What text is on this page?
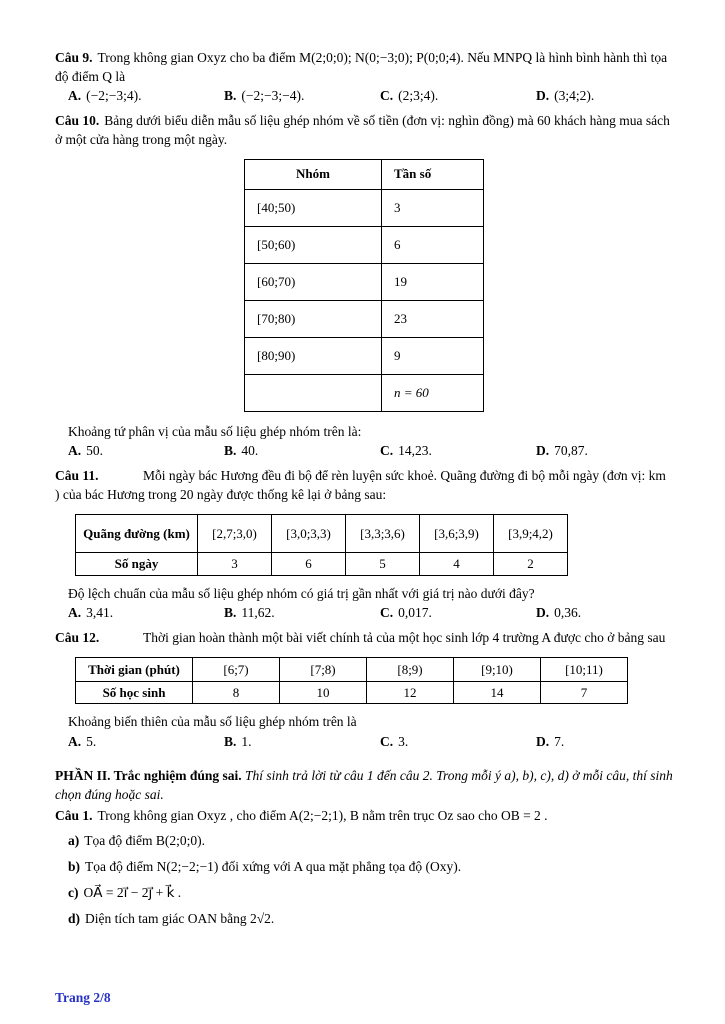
Câu 9. Trong không gian Oxyz cho ba điểm M(2;0;0); N(0;−3;0); P(0;0;4). Nếu MNPQ là hình bình hành thì tọa độ điểm Q là

A. (−2;−3;4).	B. (−2;−3;−4).	C. (2;3;4).	D. (3;4;2).

Câu 10. Bảng dưới biểu diễn mẫu số liệu ghép nhóm về số tiền (đơn vị: nghìn đồng) mà 60 khách hàng mua sách ở một cửa hàng trong một ngày.

Nhóm	Tần số
[40;50)	3
[50;60)	6
[60;70)	19
[70;80)	23
[80;90)	9
	n = 60

Khoảng tứ phân vị của mẫu số liệu ghép nhóm trên là:

A. 50.	B. 40.	C. 14,23.	D. 70,87.

Câu 11.	Mỗi ngày bác Hương đều đi bộ để rèn luyện sức khoẻ. Quãng đường đi bộ mỗi ngày (đơn vị: km ) của bác Hương trong 20 ngày được thống kê lại ở bảng sau:

Quãng đường (km)	[2,7;3,0)	[3,0;3,3)	[3,3;3,6)	[3,6;3,9)	[3,9;4,2)
Số ngày	3	6	5	4	2

Độ lệch chuẩn của mẫu số liệu ghép nhóm có giá trị gần nhất với giá trị nào dưới đây?

A. 3,41.	B. 11,62.	C. 0,017.	D. 0,36.

Câu 12.	Thời gian hoàn thành một bài viết chính tả của một học sinh lớp 4 trường A được cho ở bảng sau

Thời gian (phút)	[6;7)	[7;8)	[8;9)	[9;10)	[10;11)
Số học sinh	8	10	12	14	7

Khoảng biến thiên của mẫu số liệu ghép nhóm trên là

A. 5.	B. 1.	C. 3.	D. 7.

PHẦN II. Trắc nghiệm đúng sai. Thí sinh trả lời từ câu 1 đến câu 2. Trong mỗi ý a), b), c), d) ở mỗi câu, thí sinh chọn đúng hoặc sai.

Câu 1. Trong không gian Oxyz , cho điểm A(2;−2;1), B nằm trên trục Oz sao cho OB = 2 .

a) Tọa độ điểm B(2;0;0).

b) Tọa độ điểm N(2;−2;−1) đối xứng với A qua mặt phẳng tọa độ (Oxy).

c) OA⃗ = 2i⃗ − 2j⃗ + k⃗ .

d) Diện tích tam giác OAN bằng 2√2.

Trang 2/8
